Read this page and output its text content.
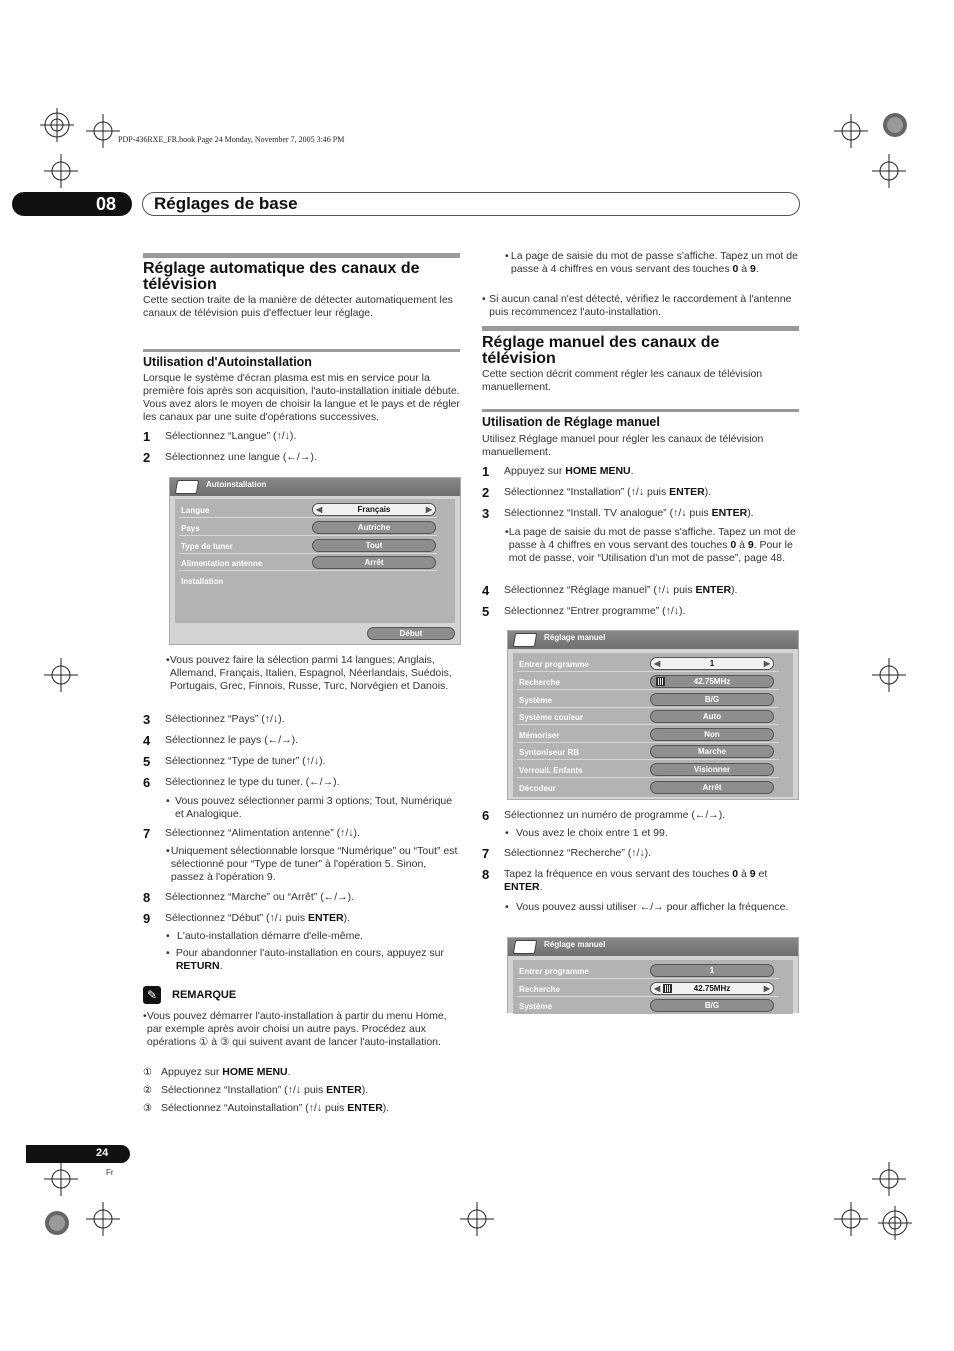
PDP-436RXE_FR.book Page 24 Monday, November 7, 2005 3:46 PM
08	Réglages de base
Réglage automatique des canaux de télévision
Cette section traite de la manière de détecter automatiquement les canaux de télévision puis d'effectuer leur réglage.
Utilisation d'Autoinstallation
Lorsque le système d'écran plasma est mis en service pour la première fois après son acquisition, l'auto-installation initiale débute. Vous avez alors le moyen de choisir la langue et le pays et de régler les canaux par une suite d'opérations successives.
1	Sélectionnez “Langue” (↑/↓).
2	Sélectionnez une langue (←/→).
Autoinstallation
Langue	◀	Français	▶
Pays	Autriche
Type de tuner	Tout
Alimentation antenne	Arrêt
Installation
Début
• Vous pouvez faire la sélection parmi 14 langues; Anglais, Allemand, Français, Italien, Espagnol, Néerlandais, Suédois, Portugais, Grec, Finnois, Russe, Turc, Norvégien et Danois.
3	Sélectionnez “Pays” (↑/↓).
4	Sélectionnez le pays (←/→).
5	Sélectionnez “Type de tuner” (↑/↓).
6	Sélectionnez le type du tuner. (←/→).
• Vous pouvez sélectionner parmi 3 options; Tout, Numérique et Analogique.
7	Sélectionnez “Alimentation antenne” (↑/↓).
• Uniquement sélectionnable lorsque “Numérique” ou “Tout” est sélectionné pour “Type de tuner” à l'opération 5. Sinon, passez à l'opération 9.
8	Sélectionnez “Marche” ou “Arrêt” (←/→).
9	Sélectionnez “Début” (↑/↓ puis ENTER).
• L'auto-installation démarre d'elle-même.
• Pour abandonner l'auto-installation en cours, appuyez sur RETURN.
✎	REMARQUE
• Vous pouvez démarrer l'auto-installation à partir du menu Home, par exemple après avoir choisi un autre pays. Procédez aux opérations ① à ③ qui suivent avant de lancer l'auto-installation.
① Appuyez sur HOME MENU.
② Sélectionnez “Installation” (↑/↓ puis ENTER).
③ Sélectionnez “Autoinstallation” (↑/↓ puis ENTER).
• La page de saisie du mot de passe s'affiche. Tapez un mot de passe à 4 chiffres en vous servant des touches 0 à 9.
• Si aucun canal n'est détecté, vérifiez le raccordement à l'antenne puis recommencez l'auto-installation.
Réglage manuel des canaux de télévision
Cette section décrit comment régler les canaux de télévision manuellement.
Utilisation de Réglage manuel
Utilisez Réglage manuel pour régler les canaux de télévision manuellement.
1	Appuyez sur HOME MENU.
2	Sélectionnez “Installation” (↑/↓ puis ENTER).
3	Sélectionnez “Install. TV analogue” (↑/↓ puis ENTER).
• La page de saisie du mot de passe s'affiche. Tapez un mot de passe à 4 chiffres en vous servant des touches 0 à 9. Pour le mot de passe, voir “Utilisation d'un mot de passe”, page 48.
4	Sélectionnez “Réglage manuel” (↑/↓ puis ENTER).
5	Sélectionnez “Entrer programme” (↑/↓).
Réglage manuel
Entrer programme	◀	1	▶
Recherche	42.75MHz
Système	B/G
Système couleur	Auto
Mémoriser	Non
Syntoniseur RB	Marche
Verrouil. Enfants	Visionner
Décodeur	Arrêt
6	Sélectionnez un numéro de programme (←/→).
• Vous avez le choix entre 1 et 99.
7	Sélectionnez “Recherche” (↑/↓).
8	Tapez la fréquence en vous servant des touches 0 à 9 et ENTER.
• Vous pouvez aussi utiliser ←/→ pour afficher la fréquence.
Réglage manuel
Entrer programme	1
Recherche	◀	42.75MHz	▶
Système	B/G
24
Fr
